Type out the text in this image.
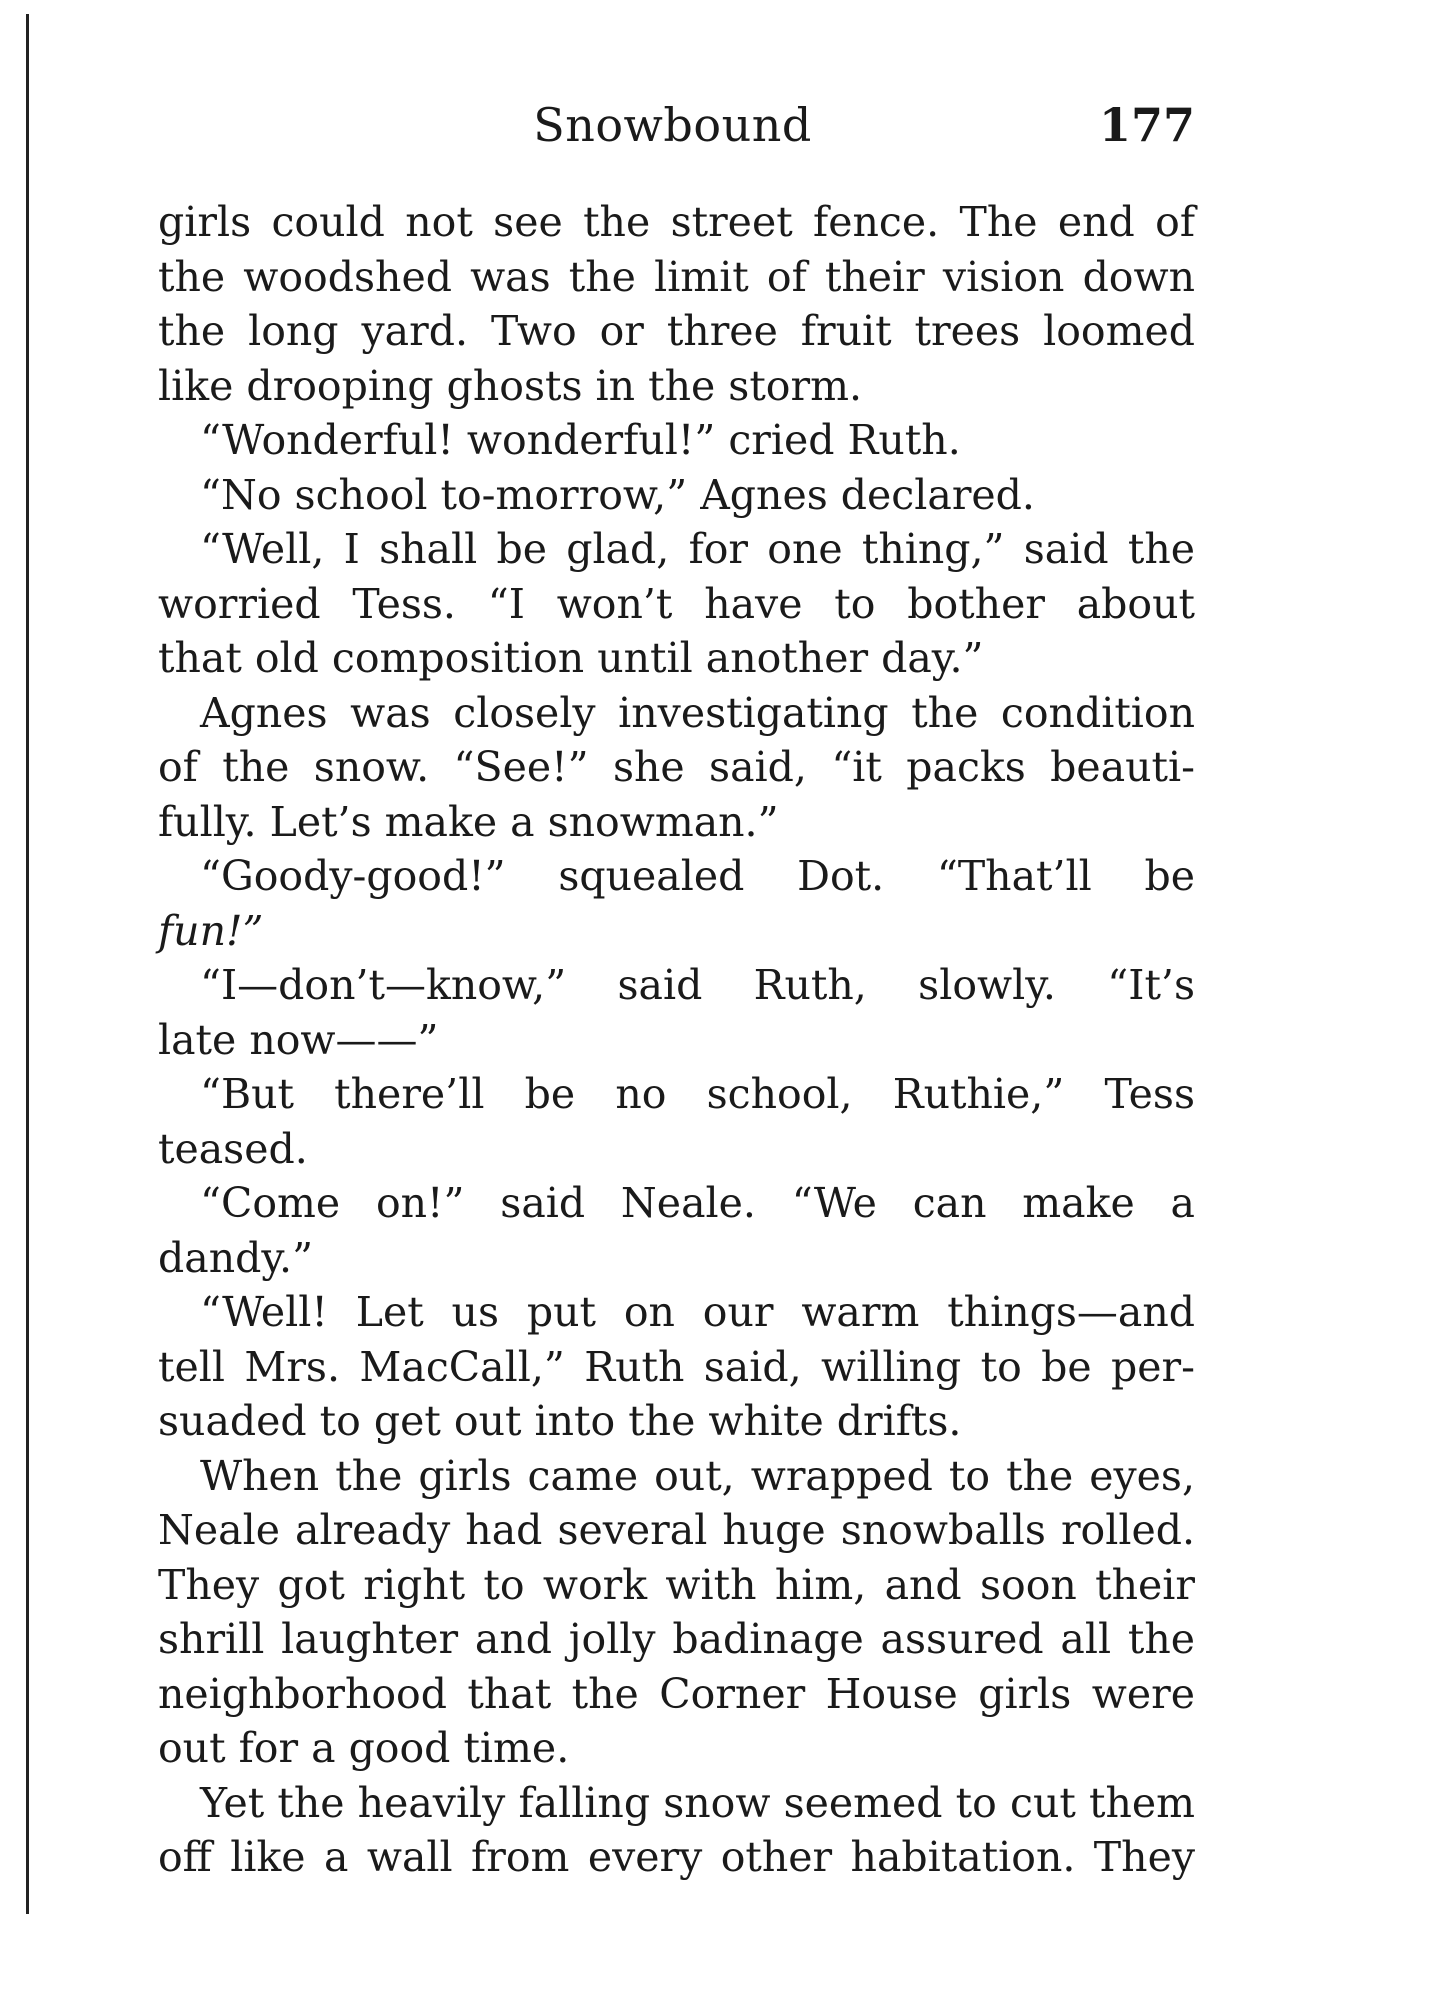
Snowbound	177
girls could not see the street fence. The end of
the woodshed was the limit of their vision down
the long yard. Two or three fruit trees loomed
like drooping ghosts in the storm.
“Wonderful! wonderful!” cried Ruth.
“No school to-morrow,” Agnes declared.
“Well, I shall be glad, for one thing,” said the
worried Tess. “I won’t have to bother about
that old composition until another day.”
Agnes was closely investigating the condition
of the snow. “See!” she said, “it packs beauti-
fully. Let’s make a snowman.”
“Goody-good!” squealed Dot. “That’ll be
fun!”
“I—don’t—know,” said Ruth, slowly. “It’s
late now——”
“But there’ll be no school, Ruthie,” Tess
teased.
“Come on!” said Neale. “We can make a
dandy.”
“Well! Let us put on our warm things—and
tell Mrs. MacCall,” Ruth said, willing to be per-
suaded to get out into the white drifts.
When the girls came out, wrapped to the eyes,
Neale already had several huge snowballs rolled.
They got right to work with him, and soon their
shrill laughter and jolly badinage assured all the
neighborhood that the Corner House girls were
out for a good time.
Yet the heavily falling snow seemed to cut them
off like a wall from every other habitation. They
